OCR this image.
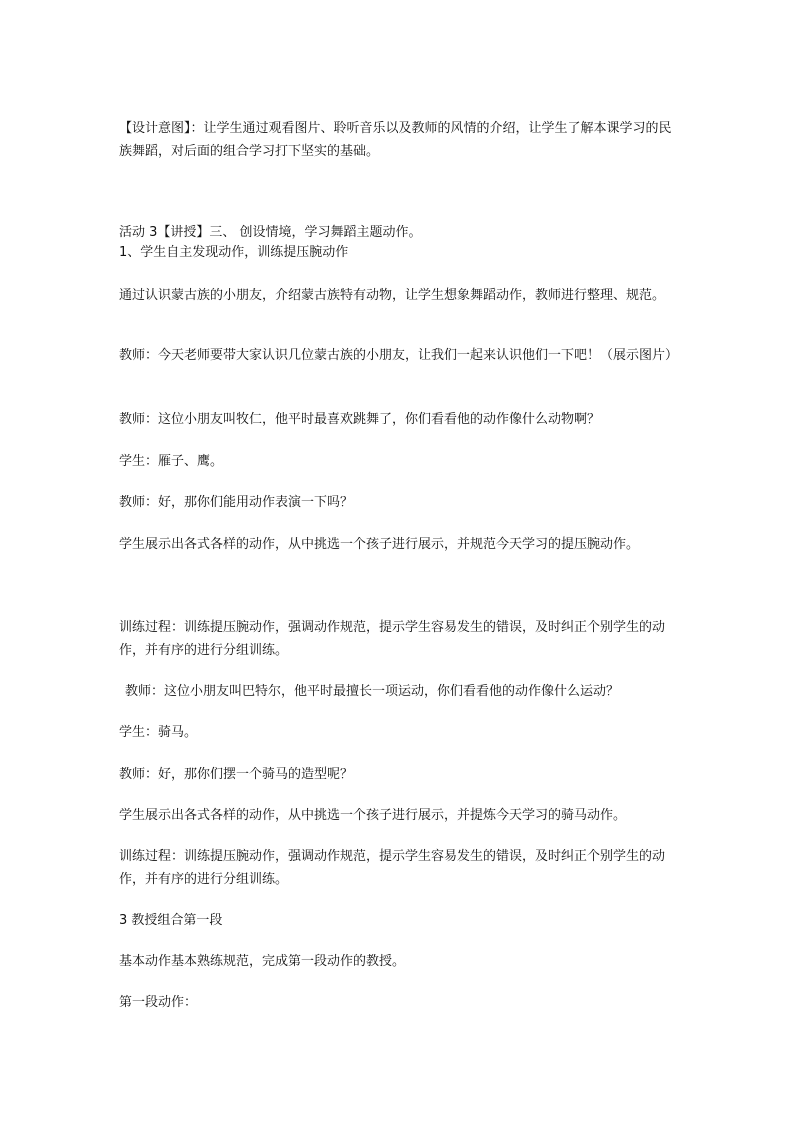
【设计意图】：让学生通过观看图片、聆听音乐以及教师的风情的介绍，让学生了解本课学习的民族舞蹈，对后面的组合学习打下坚实的基础。

活动 3【讲授】三、 创设情境，学习舞蹈主题动作。

1、学生自主发现动作，训练提压腕动作

通过认识蒙古族的小朋友，介绍蒙古族特有动物，让学生想象舞蹈动作，教师进行整理、规范。

教师：今天老师要带大家认识几位蒙古族的小朋友，让我们一起来认识他们一下吧！（展示图片）

教师：这位小朋友叫牧仁，他平时最喜欢跳舞了，你们看看他的动作像什么动物啊？

学生：雁子、鹰。

教师：好，那你们能用动作表演一下吗？

学生展示出各式各样的动作，从中挑选一个孩子进行展示，并规范今天学习的提压腕动作。

训练过程：训练提压腕动作，强调动作规范，提示学生容易发生的错误，及时纠正个别学生的动作，并有序的进行分组训练。

教师：这位小朋友叫巴特尔，他平时最擅长一项运动，你们看看他的动作像什么运动？

学生：骑马。

教师：好，那你们摆一个骑马的造型呢？

学生展示出各式各样的动作，从中挑选一个孩子进行展示，并提炼今天学习的骑马动作。

训练过程：训练提压腕动作，强调动作规范，提示学生容易发生的错误，及时纠正个别学生的动作，并有序的进行分组训练。

3 教授组合第一段

基本动作基本熟练规范，完成第一段动作的教授。

第一段动作：
